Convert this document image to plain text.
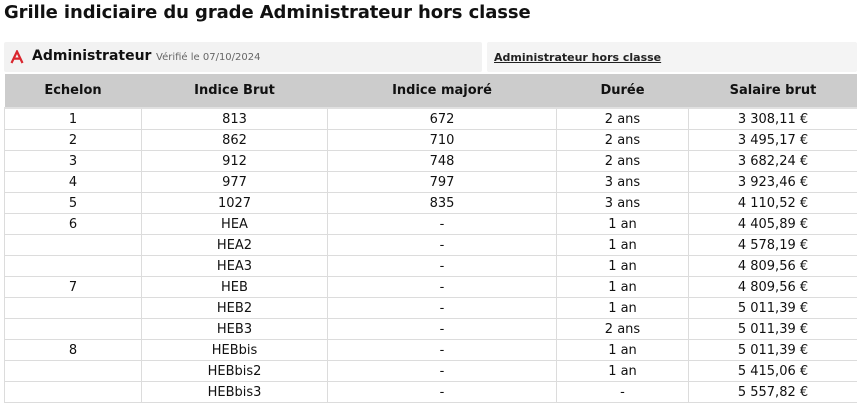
Grille indiciaire du grade Administrateur hors classe
Administrateur Vérifié le 07/10/2024	Administrateur hors classe
Echelon	Indice Brut	Indice majoré	Durée	Salaire brut
1	813	672	2 ans	3 308,11 €
2	862	710	2 ans	3 495,17 €
3	912	748	2 ans	3 682,24 €
4	977	797	3 ans	3 923,46 €
5	1027	835	3 ans	4 110,52 €
6	HEA	-	1 an	4 405,89 €
	HEA2	-	1 an	4 578,19 €
	HEA3	-	1 an	4 809,56 €
7	HEB	-	1 an	4 809,56 €
	HEB2	-	1 an	5 011,39 €
	HEB3	-	2 ans	5 011,39 €
8	HEBbis	-	1 an	5 011,39 €
	HEBbis2	-	1 an	5 415,06 €
	HEBbis3	-	-	5 557,82 €
